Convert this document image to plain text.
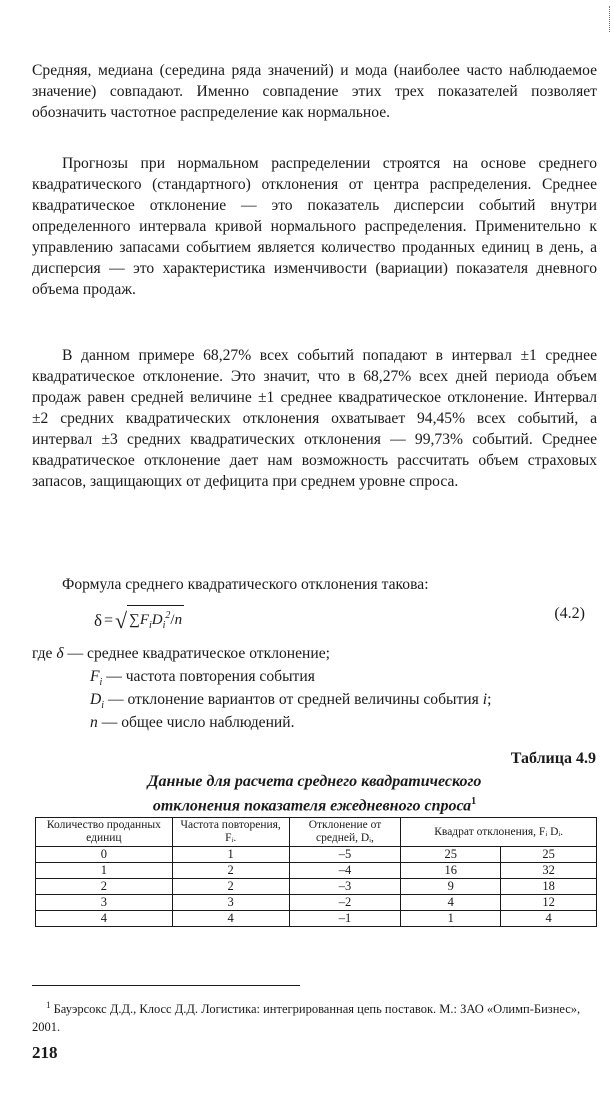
Средняя, медиана (середина ряда значений) и мода (наиболее часто наблюдаемое значение) совпадают. Именно совпадение этих трех показателей позволяет обозначить частотное распределение как нормальное.

Прогнозы при нормальном распределении строятся на основе среднего квадратического (стандартного) отклонения от центра распределения. Среднее квадратическое отклонение — это показатель дисперсии событий внутри определенного интервала кривой нормального распределения. Применительно к управлению запасами событием является количество проданных единиц в день, а дисперсия — это характеристика изменчивости (вариации) показателя дневного объема продаж.

В данном примере 68,27% всех событий попадают в интервал ±1 среднее квадратическое отклонение. Это значит, что в 68,27% всех дней периода объем продаж равен средней величине ±1 среднее квадратическое отклонение. Интервал ±2 средних квадратических отклонения охватывает 94,45% всех событий, а интервал ±3 средних квадратических отклонения — 99,73% событий. Среднее квадратическое отклонение дает нам возможность рассчитать объем страховых запасов, защищающих от дефицита при среднем уровне спроса.

Формула среднего квадратического отклонения такова:

δ = √ $\sum F_iD_i^2/n$	(4.2)
где δ — среднее квадратическое отклонение;
$F_i$ — частота повторения события
$D_i$ — отклонение вариантов от средней величины события i;
n — общее число наблюдений.
Таблица 4.9
Данные для расчета среднего квадратического
отклонения показателя ежедневного спроса$^1$
Количество проданных единиц	Частота повторения, Fᵢ.	Отклонение от средней, Dᵢ,	Квадрат отклонения, Fᵢ Dᵢ.	
0	1	–5	25	25
1	2	–4	16	32
2	2	–3	9	18
3	3	–2	4	12
4	4	–1	1	4
$^1$ Бауэрсокс Д.Д., Клосс Д.Д. Логистика: интегрированная цепь поставок. М.: ЗАО «Олимп-Бизнес», 2001.
218
